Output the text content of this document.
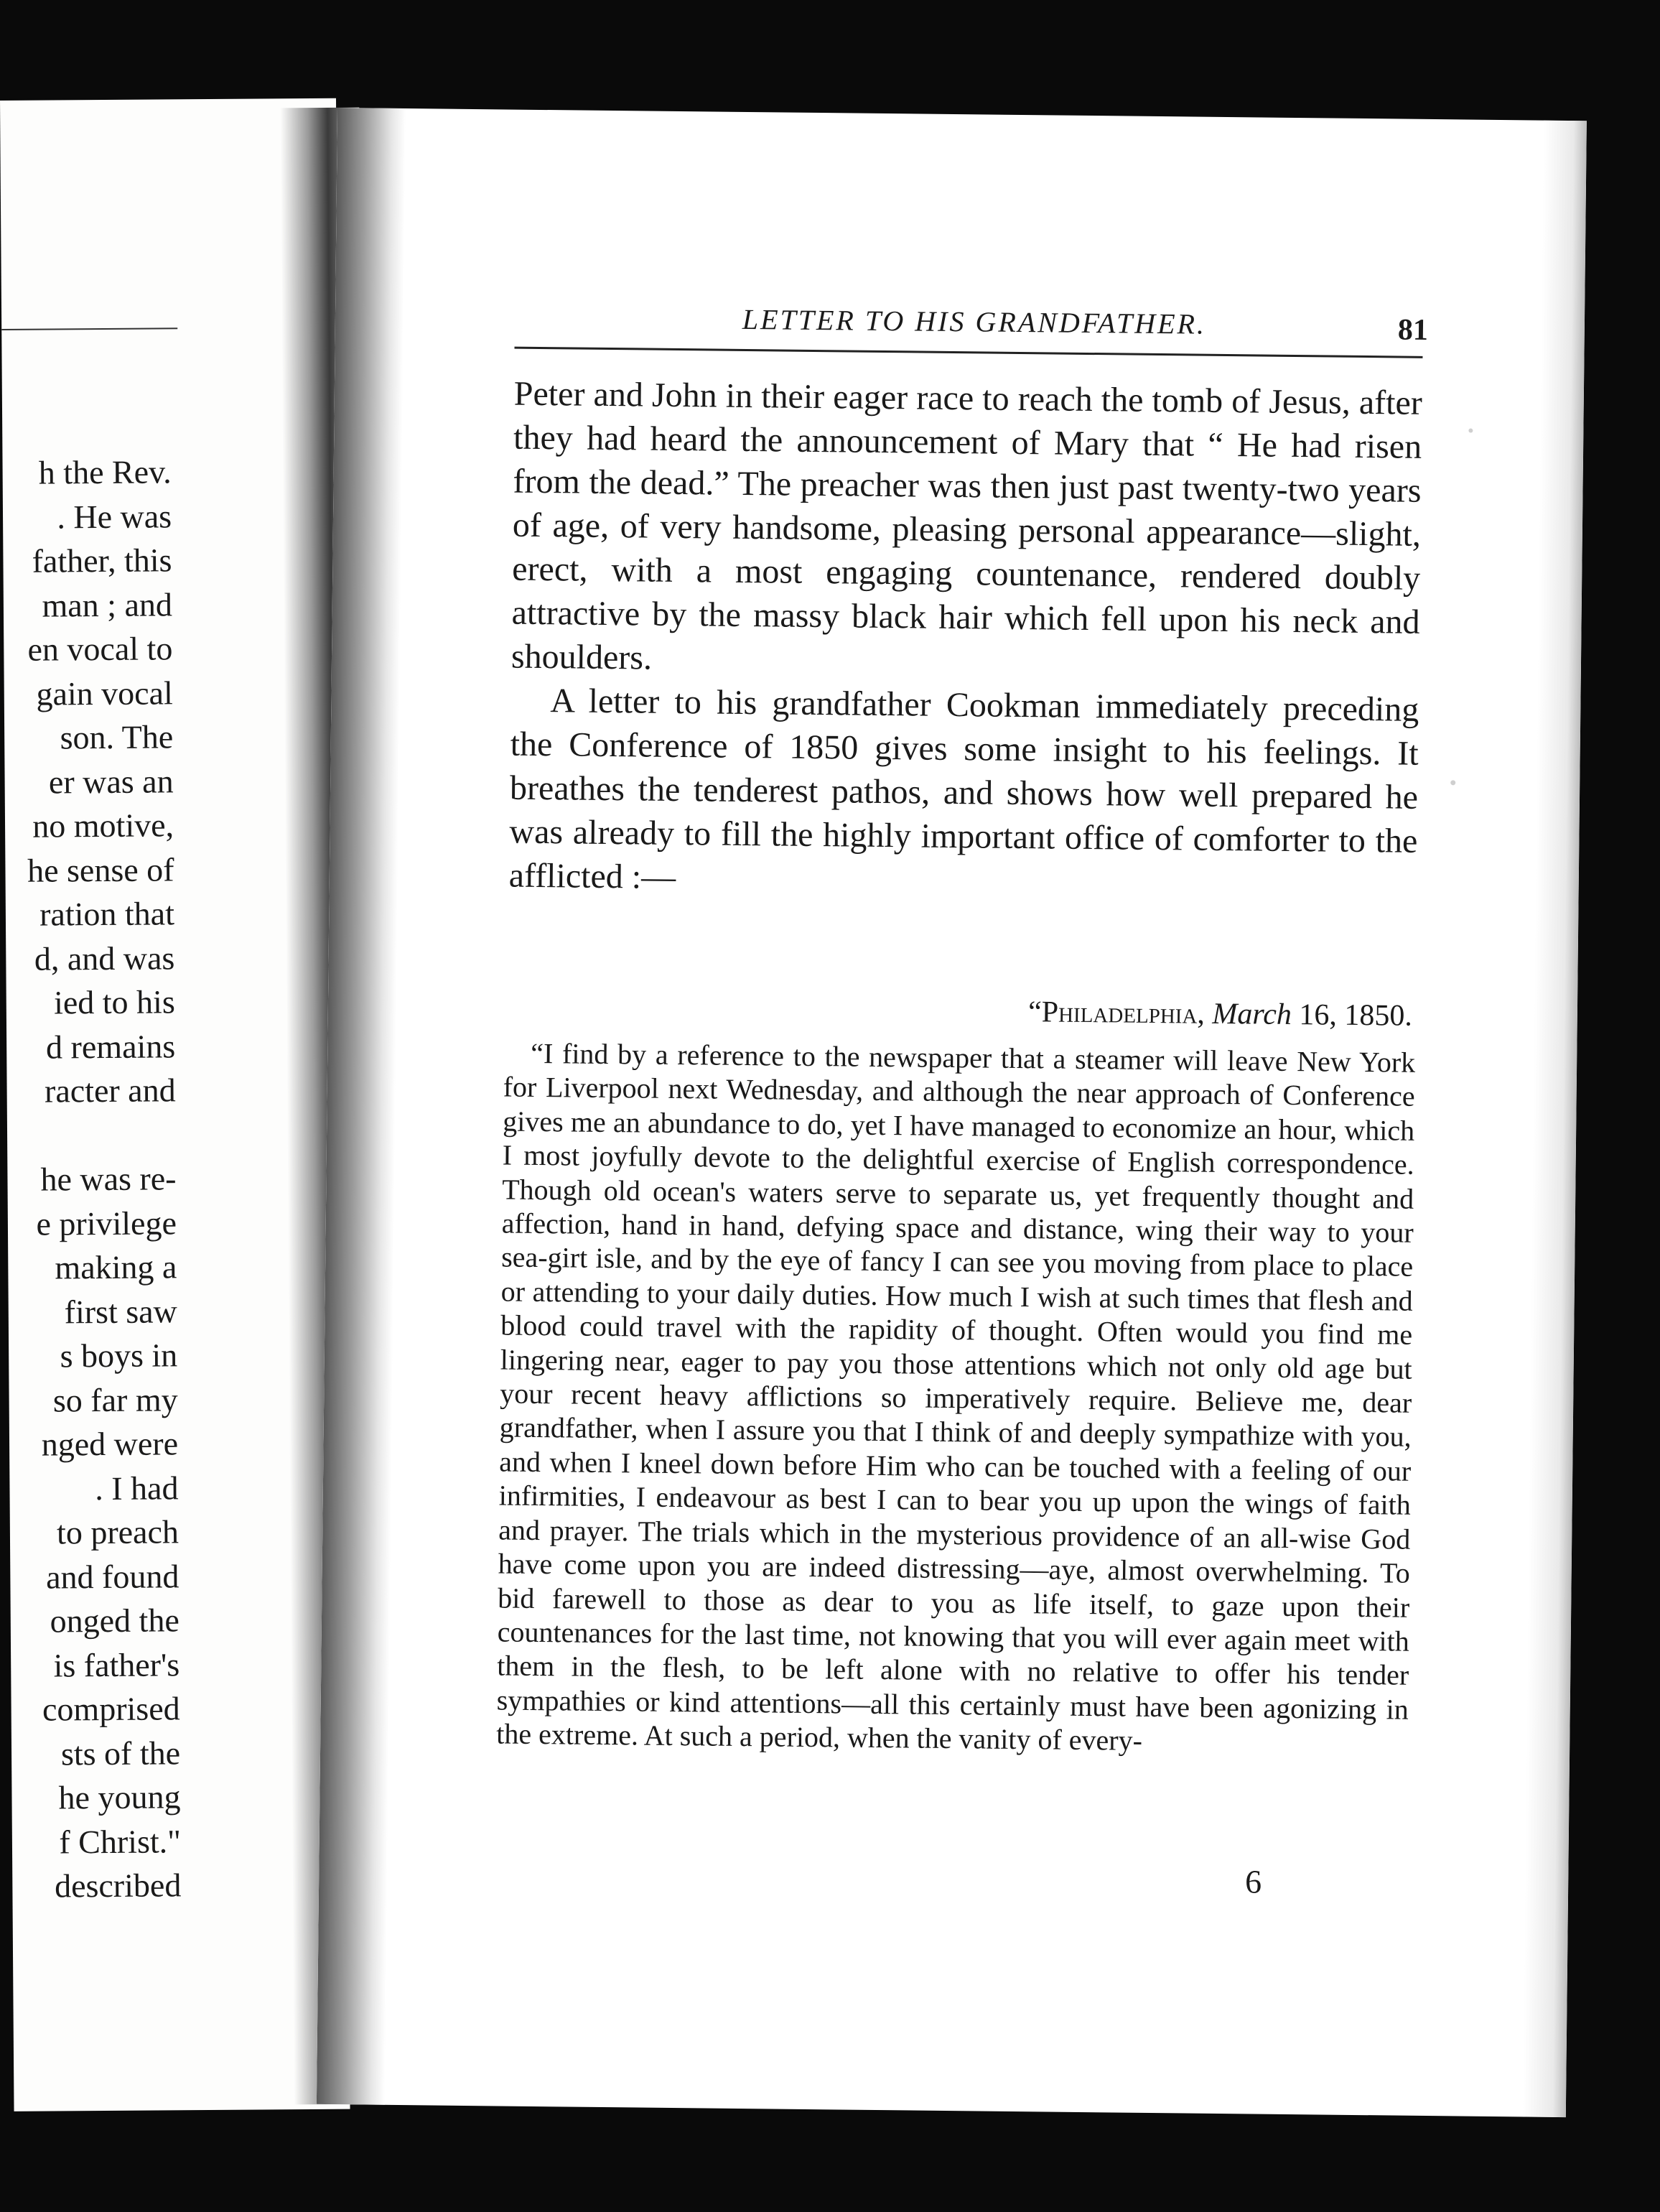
h the Rev.
. He was
father, this
man ; and
en vocal to
gain vocal
son. The
er was an
no motive,
he sense of
ration that
d, and was
ied to his
d remains
racter and
he was re-
e privilege
making a
first saw
s boys in
so far my
nged were
. I had
to preach
and found
onged the
is father's
comprised
sts of the
he young
f Christ."
described
LETTER TO HIS GRANDFATHER.	81

Peter and John in their eager race to reach the tomb of Jesus, after they had heard the announcement of Mary that “ He had risen from the dead.” The preacher was then just past twenty-two years of age, of very handsome, pleasing personal appearance—slight, erect, with a most engaging countenance, rendered doubly attractive by the massy black hair which fell upon his neck and shoulders.

A letter to his grandfather Cookman immediately preceding the Conference of 1850 gives some insight to his feelings. It breathes the tenderest pathos, and shows how well prepared he was already to fill the highly important office of comforter to the afflicted :—

“Philadelphia, March 16, 1850.
“I find by a reference to the newspaper that a steamer will leave New York for Liverpool next Wednesday, and although the near approach of Conference gives me an abundance to do, yet I have managed to economize an hour, which I most joyfully devote to the delightful exercise of English correspondence. Though old ocean's waters serve to separate us, yet frequently thought and affection, hand in hand, defying space and distance, wing their way to your sea-girt isle, and by the eye of fancy I can see you moving from place to place or attending to your daily duties. How much I wish at such times that flesh and blood could travel with the rapidity of thought. Often would you find me lingering near, eager to pay you those attentions which not only old age but your recent heavy afflictions so imperatively require. Believe me, dear grandfather, when I assure you that I think of and deeply sympathize with you, and when I kneel down before Him who can be touched with a feeling of our infirmities, I endeavour as best I can to bear you up upon the wings of faith and prayer. The trials which in the mysterious providence of an all-wise God have come upon you are indeed distressing—aye, almost overwhelming. To bid farewell to those as dear to you as life itself, to gaze upon their countenances for the last time, not knowing that you will ever again meet with them in the flesh, to be left alone with no relative to offer his tender sympathies or kind attentions—all this certainly must have been agonizing in the extreme. At such a period, when the vanity of every-
6
